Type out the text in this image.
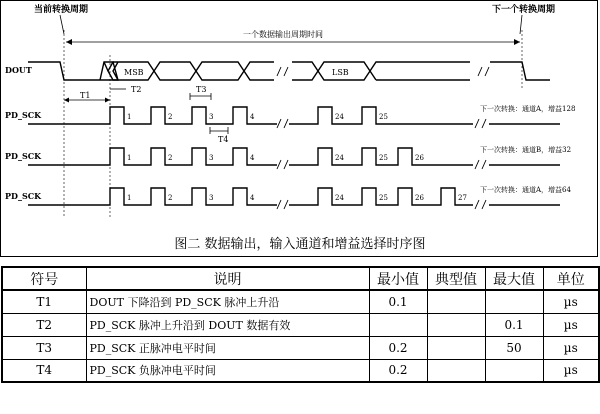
当前转换周期	下一个转换周期
一个数据输出周期时间
DOUT	MSB	LSB
T1
T2	T3
T4
PD_SCK	1	2	3	4	24	25
下一次转换：通道A，增益128
PD_SCK	1	2	3	4	24	25	26
下一次转换：通道B，增益32
PD_SCK	1	2	3	4	24	25	26	27
下一次转换：通道A，增益64
图二 数据输出，输入通道和增益选择时序图
符号	说明	最小值	典型值	最大值	单位
T1	DOUT 下降沿到 PD_SCK 脉冲上升沿	0.1			µs
T2	PD_SCK 脉冲上升沿到 DOUT 数据有效			0.1	µs
T3	PD_SCK 正脉冲电平时间	0.2		50	µs
T4	PD_SCK 负脉冲电平时间	0.2			µs
